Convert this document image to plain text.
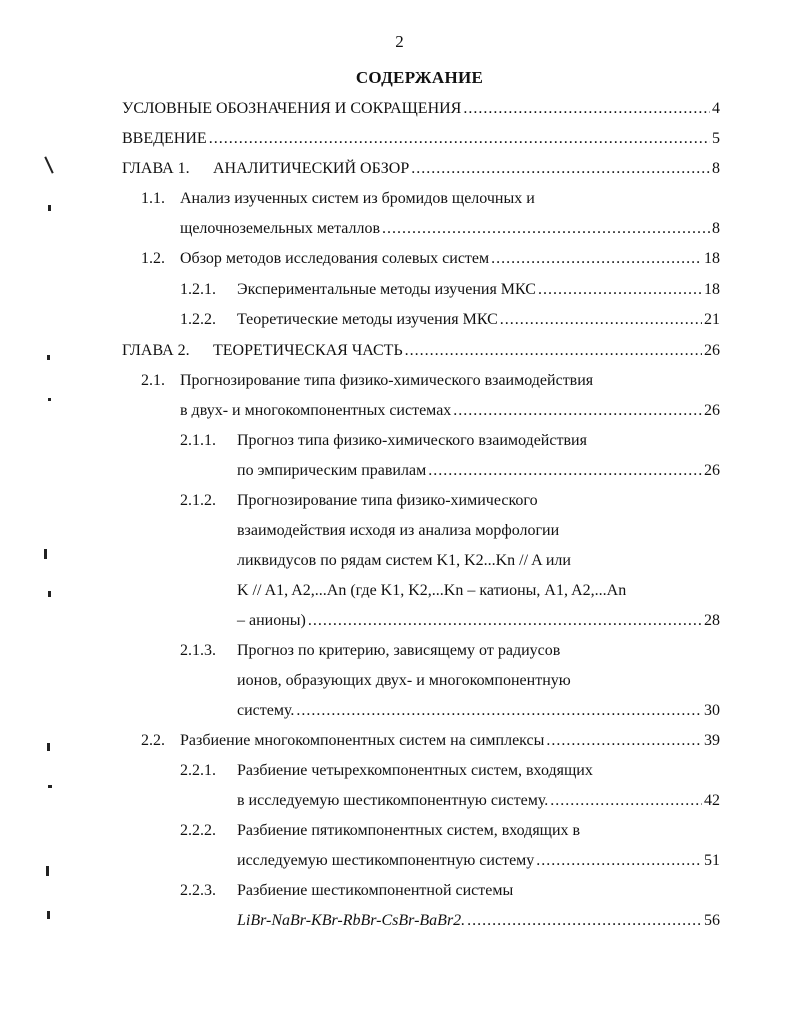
2
СОДЕРЖАНИЕ
УСЛОВНЫЕ ОБОЗНАЧЕНИЯ И СОКРАЩЕНИЯ .....	4
ВВЕДЕНИЕ .....	5
ГЛАВА 1. АНАЛИТИЧЕСКИЙ ОБЗОР .....	8
1.1. Анализ изученных систем из бромидов щелочных и
щелочноземельных металлов .....	8
1.2. Обзор методов исследования солевых систем .....	18
1.2.1. Экспериментальные методы изучения МКС .....	18
1.2.2. Теоретические методы изучения МКС .....	21
ГЛАВА 2. ТЕОРЕТИЧЕСКАЯ ЧАСТЬ .....	26
2.1. Прогнозирование типа физико-химического взаимодействия
в двух- и многокомпонентных системах .....	26
2.1.1. Прогноз типа физико-химического взаимодействия
по эмпирическим правилам .....	26
2.1.2. Прогнозирование типа физико-химического
взаимодействия исходя из анализа морфологии
ликвидусов по рядам систем K1, K2...Kn // A или
K // A1, A2,...An (где K1, K2,...Kn – катионы, A1, A2,...An
– анионы) .....	28
2.1.3. Прогноз по критерию, зависящему от радиусов
ионов, образующих двух- и многокомпонентную
систему. .....	30
2.2. Разбиение многокомпонентных систем на симплексы .....	39
2.2.1. Разбиение четырехкомпонентных систем, входящих
в исследуемую шестикомпонентную систему. .....	42
2.2.2. Разбиение пятикомпонентных систем, входящих в
исследуемую шестикомпонентную систему .....	51
2.2.3. Разбиение шестикомпонентной системы
LiBr-NaBr-KBr-RbBr-CsBr-BaBr2. .....	56
